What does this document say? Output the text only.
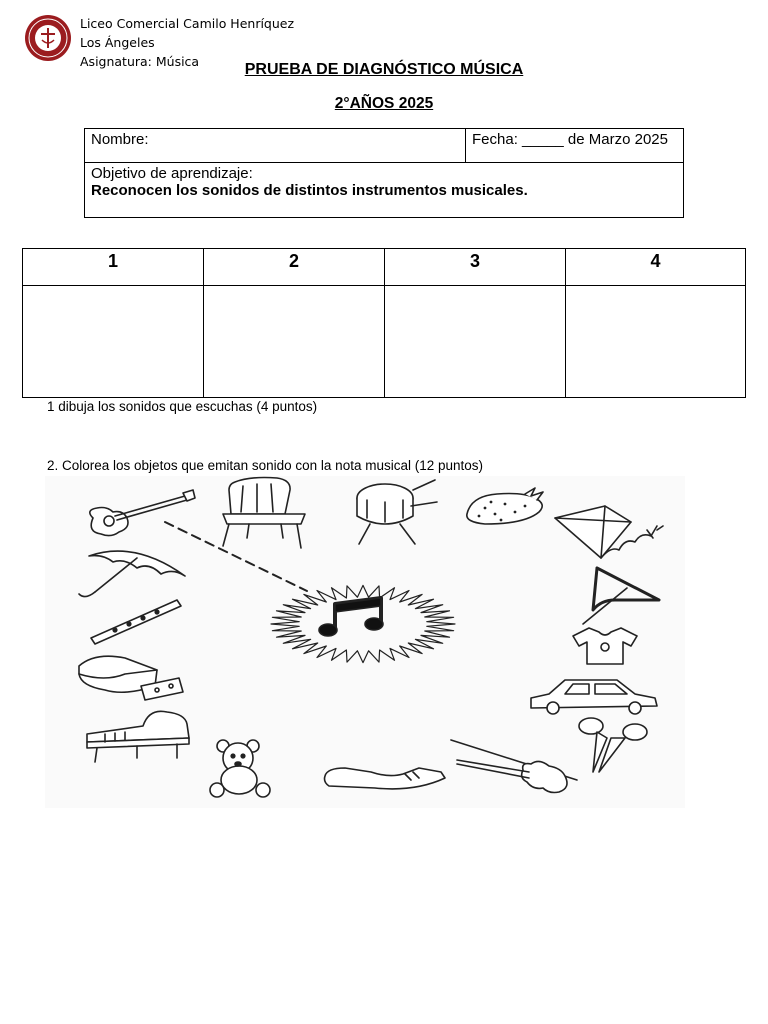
Liceo Comercial Camilo Henríquez
Los Ángeles
Asignatura: Música	PRUEBA DE DIAGNÓSTICO MÚSICA
2°AÑOS 2025
Nombre:	Fecha: _____ de Marzo 2025

Objetivo de aprendizaje:
Reconocen los sonidos de distintos instrumentos musicales.
1	2	3	4

1 dibuja los sonidos que escuchas (4 puntos)
2. Colorea los objetos que emitan sonido con la nota musical (12 puntos)
